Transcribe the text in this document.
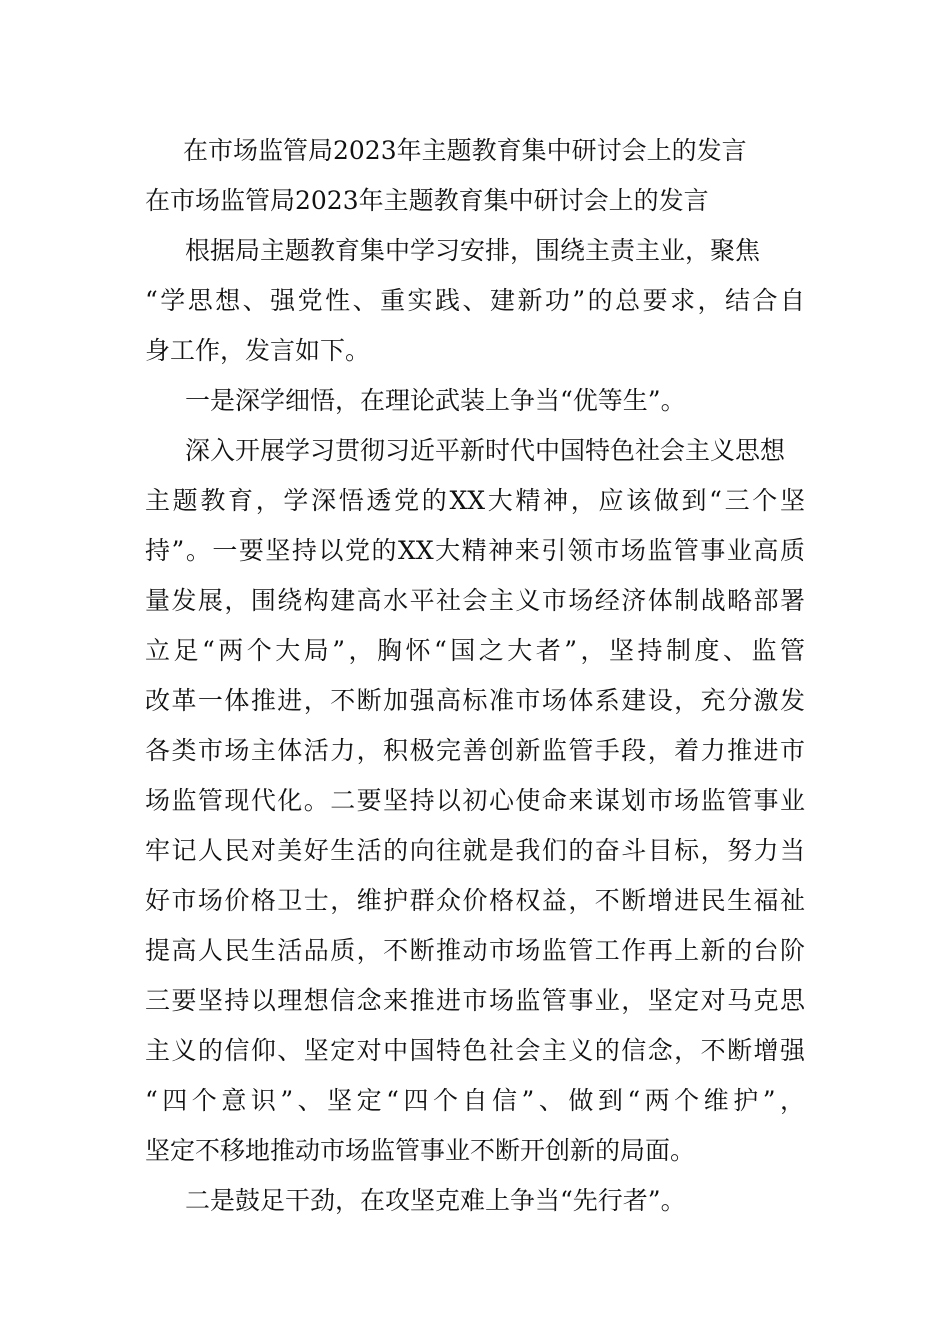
在市场监管局2023年主题教育集中研讨会上的发言
在市场监管局2023年主题教育集中研讨会上的发言
根据局主题教育集中学习安排，围绕主责主业，聚焦
“学思想、强党性、重实践、建新功”的总要求，结合自
身工作，发言如下。
一是深学细悟，在理论武装上争当“优等生”。
深入开展学习贯彻习近平新时代中国特色社会主义思想
主题教育，学深悟透党的XX大精神，应该做到“三个坚
持”。一要坚持以党的XX大精神来引领市场监管事业高质
量发展，围绕构建高水平社会主义市场经济体制战略部署
立足“两个大局”，胸怀“国之大者”，坚持制度、监管
改革一体推进，不断加强高标准市场体系建设，充分激发
各类市场主体活力，积极完善创新监管手段，着力推进市
场监管现代化。二要坚持以初心使命来谋划市场监管事业
牢记人民对美好生活的向往就是我们的奋斗目标，努力当
好市场价格卫士，维护群众价格权益，不断增进民生福祉
提高人民生活品质，不断推动市场监管工作再上新的台阶
三要坚持以理想信念来推进市场监管事业，坚定对马克思
主义的信仰、坚定对中国特色社会主义的信念，不断增强
“四个意识”、坚定“四个自信”、做到“两个维护”，
坚定不移地推动市场监管事业不断开创新的局面。
二是鼓足干劲，在攻坚克难上争当“先行者”。
